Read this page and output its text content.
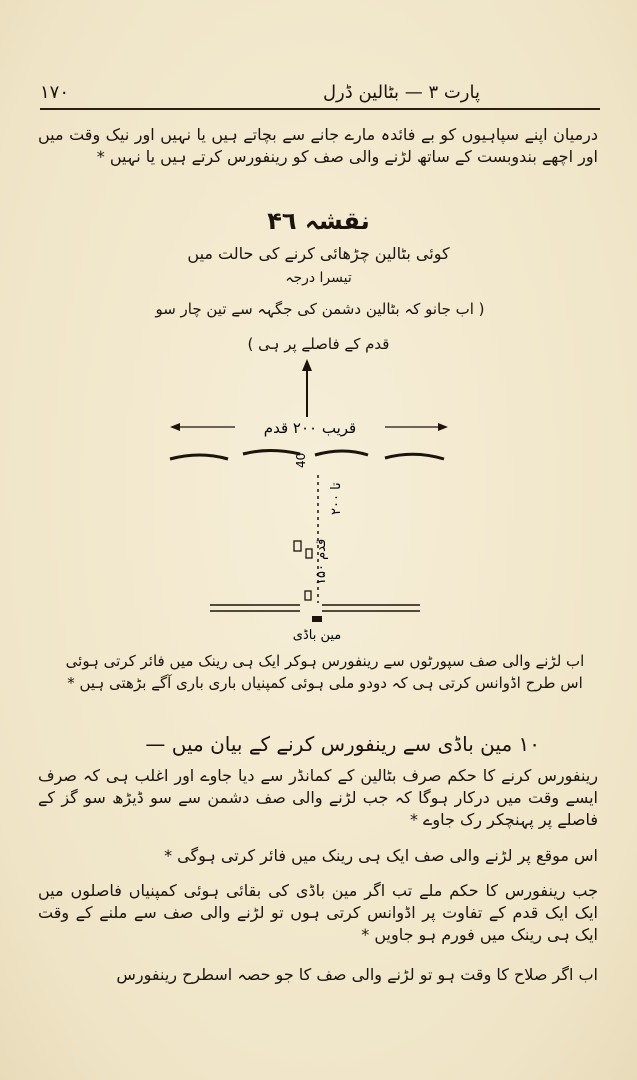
۱۷۰	پارت ۳ — بٹالین ڈرل
درمیان اپنے سپاہیوں کو بے فائدہ مارے جانے سے بچاتے ہیں یا نہیں اور نیک وقت میں اور اچھے بندوبست کے ساتھ لڑنے والی صف کو رینفورس کرتے ہیں یا نہیں *
نقشہ ۴٦
کوئی بٹالین چڑھائی کرنے کی حالت میں
تیسرا درجہ
( اب جانو کہ بٹالین دشمن کی جگہہ سے تین چار سو
قدم کے فاصلے پر ہی )
قریب ۲۰۰ قدم
40
۲۰۰ تا
۱۵۰ قدم
مین باڈی
اب لڑنے والی صف سپورٹوں سے رینفورس ہوکر ایک ہی رینک میں فائر کرتی ہوئی اس طرح اڈوانس کرتی ہی کہ دودو ملی ہوئی کمپنیاں باری باری آگے بڑھتی ہیں *
۱۰ مین باڈی سے رینفورس کرنے کے بیان میں —
رینفورس کرنے کا حکم صرف بٹالین کے کمانڈر سے دیا جاوے اور اغلب ہی کہ صرف ایسے وقت میں درکار ہوگا کہ جب لڑنے والی صف دشمن سے سو ڈیڑھ سو گز کے فاصلے پر پہنچکر رک جاوے *
اس موقع پر لڑنے والی صف ایک ہی رینک میں فائر کرتی ہوگی *
جب رینفورس کا حکم ملے تب اگر مین باڈی کی بقائی ہوئی کمپنیاں فاصلوں میں ایک ایک قدم کے تفاوت پر اڈوانس کرتی ہوں تو لڑنے والی صف سے ملنے کے وقت ایک ہی رینک میں فورم ہو جاویں *
اب اگر صلاح کا وقت ہو تو لڑنے والی صف کا جو حصہ اسطرح رینفورس
